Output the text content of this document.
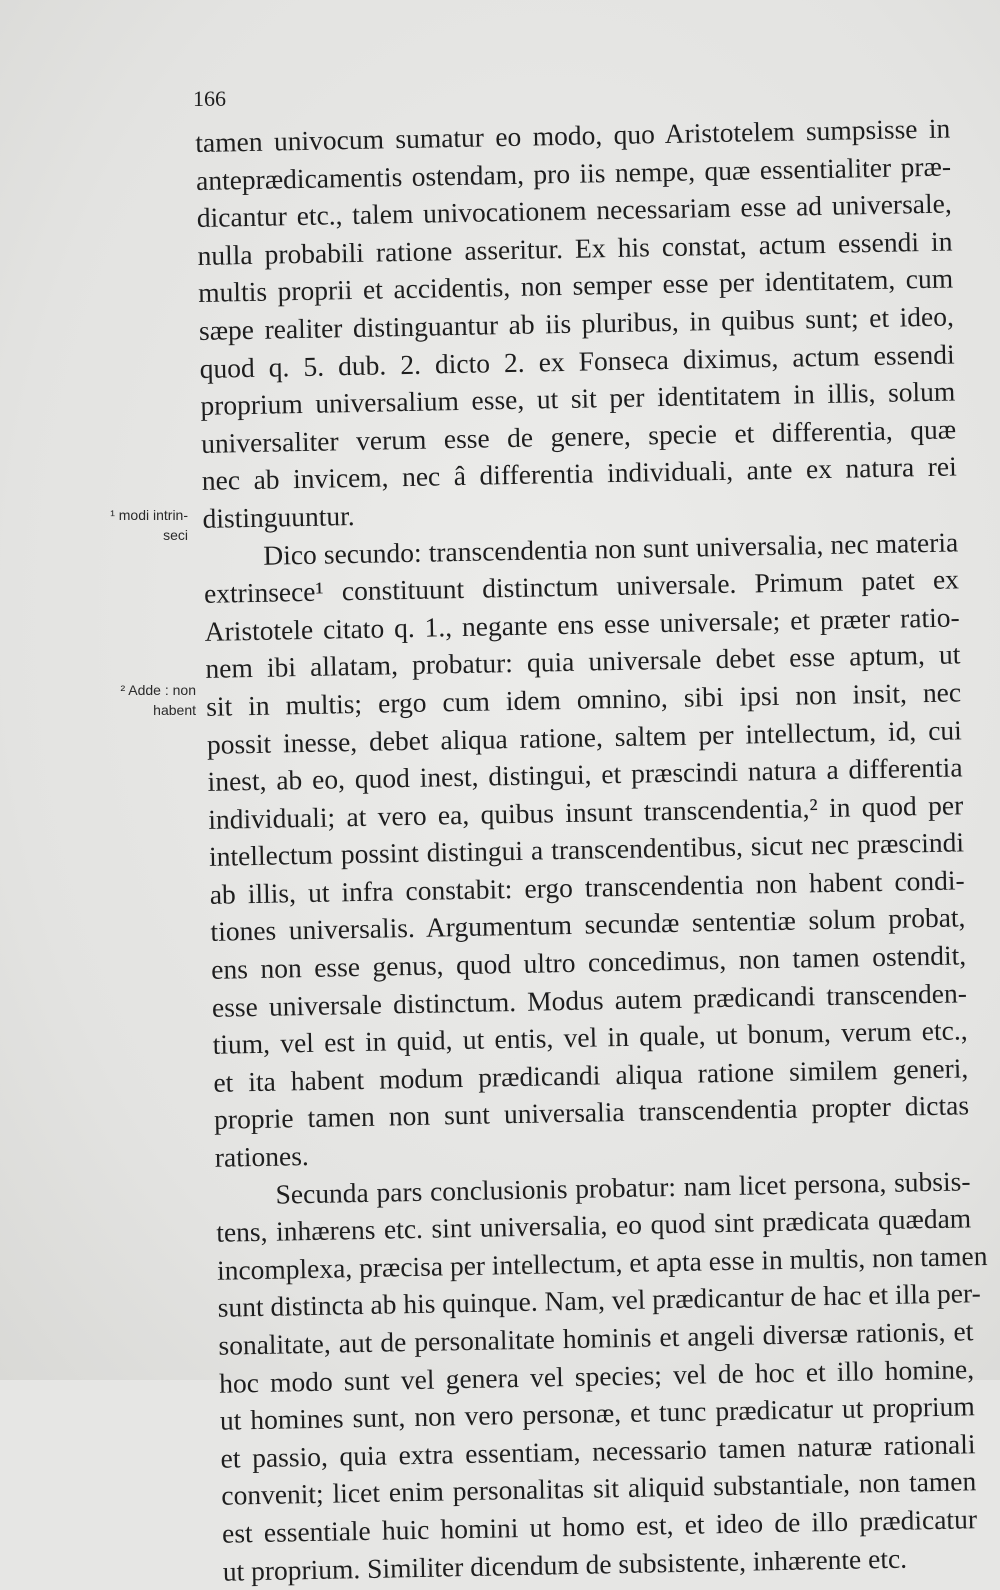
166
¹ modi intrin-
seci
² Adde : non
habent
tamen univocum sumatur eo modo, quo Aristotelem sumpsisse in
anteprædicamentis ostendam, pro iis nempe, quæ essentialiter præ-
dicantur etc., talem univocationem necessariam esse ad universale,
nulla probabili ratione asseritur. Ex his constat, actum essendi in
multis proprii et accidentis, non semper esse per identitatem, cum
sæpe realiter distinguantur ab iis pluribus, in quibus sunt; et ideo,
quod q. 5. dub. 2. dicto 2. ex Fonseca diximus, actum essendi
proprium universalium esse, ut sit per identitatem in illis, solum
universaliter verum esse de genere, specie et differentia, quæ
nec ab invicem, nec â differentia individuali, ante ex natura rei
distinguuntur.
Dico secundo: transcendentia non sunt universalia, nec materia
extrinsece¹ constituunt distinctum universale. Primum patet ex
Aristotele citato q. 1., negante ens esse universale; et præter ratio-
nem ibi allatam, probatur: quia universale debet esse aptum, ut
sit in multis; ergo cum idem omnino, sibi ipsi non insit, nec
possit inesse, debet aliqua ratione, saltem per intellectum, id, cui
inest, ab eo, quod inest, distingui, et præscindi natura a differentia
individuali; at vero ea, quibus insunt transcendentia,² in quod per
intellectum possint distingui a transcendentibus, sicut nec præscindi
ab illis, ut infra constabit: ergo transcendentia non habent condi-
tiones universalis. Argumentum secundæ sententiæ solum probat,
ens non esse genus, quod ultro concedimus, non tamen ostendit,
esse universale distinctum. Modus autem prædicandi transcenden-
tium, vel est in quid, ut entis, vel in quale, ut bonum, verum etc.,
et ita habent modum prædicandi aliqua ratione similem generi,
proprie tamen non sunt universalia transcendentia propter dictas
rationes.
Secunda pars conclusionis probatur: nam licet persona, subsis-
tens, inhærens etc. sint universalia, eo quod sint prædicata quædam
incomplexa, præcisa per intellectum, et apta esse in multis, non tamen
sunt distincta ab his quinque. Nam, vel prædicantur de hac et illa per-
sonalitate, aut de personalitate hominis et angeli diversæ rationis, et
hoc modo sunt vel genera vel species; vel de hoc et illo homine,
ut homines sunt, non vero personæ, et tunc prædicatur ut proprium
et passio, quia extra essentiam, necessario tamen naturæ rationali
convenit; licet enim personalitas sit aliquid substantiale, non tamen
est essentiale huic homini ut homo est, et ideo de illo prædicatur
ut proprium. Similiter dicendum de subsistente, inhærente etc.
